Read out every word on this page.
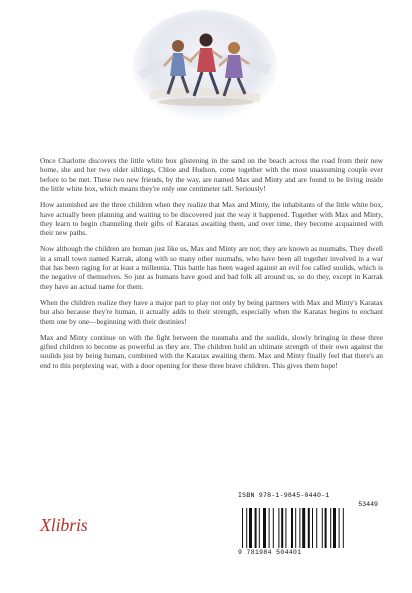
Once Charlotte discovers the little white box glistening in the sand on the beach across the road from their new home, she and her two older siblings, Chloe and Hudson, come together with the most unassuming couple ever before to be met. These two new friends, by the way, are named Max and Minty and are found to be living inside the little white box, which means they're only one centimeter tall. Seriously!

How astonished are the three children when they realize that Max and Minty, the inhabitants of the little white box, have actually been planning and waiting to be discovered just the way it happened. Together with Max and Minty, they learn to begin channeling their gifts of Karatax awaiting them, and over time, they become acquainted with their new paths.

Now although the children are human just like us, Max and Minty are not; they are known as nuumahs. They dwell in a small town named Karrak, along with so many other nuumahs, who have been all together involved in a war that has been raging for at least a millennia. This battle has been waged against an evil foe called suulids, which is the negative of themselves. So just as humans have good and bad folk all around us, so do they, except in Karrak they have an actual name for them.

When the children realize they have a major part to play not only by being partners with Max and Minty's Karatax but also because they're human, it actually adds to their strength, especially when the Karatax begins to enchant them one by one—beginning with their destinies!

Max and Minty continue on with the fight between the nuumahs and the suulids, slowly bringing in these three gifted children to become as powerful as they are. The children hold an ultimate strength of their own against the suulids just by being human, combined with the Karatax awaiting them. Max and Minty finally feel that there's an end to this perplexing war, with a door opening for these three brave children. This gives them hope!

Xlibris
ISBN 978-1-9845-0440-1
53449
9 781984 504401
